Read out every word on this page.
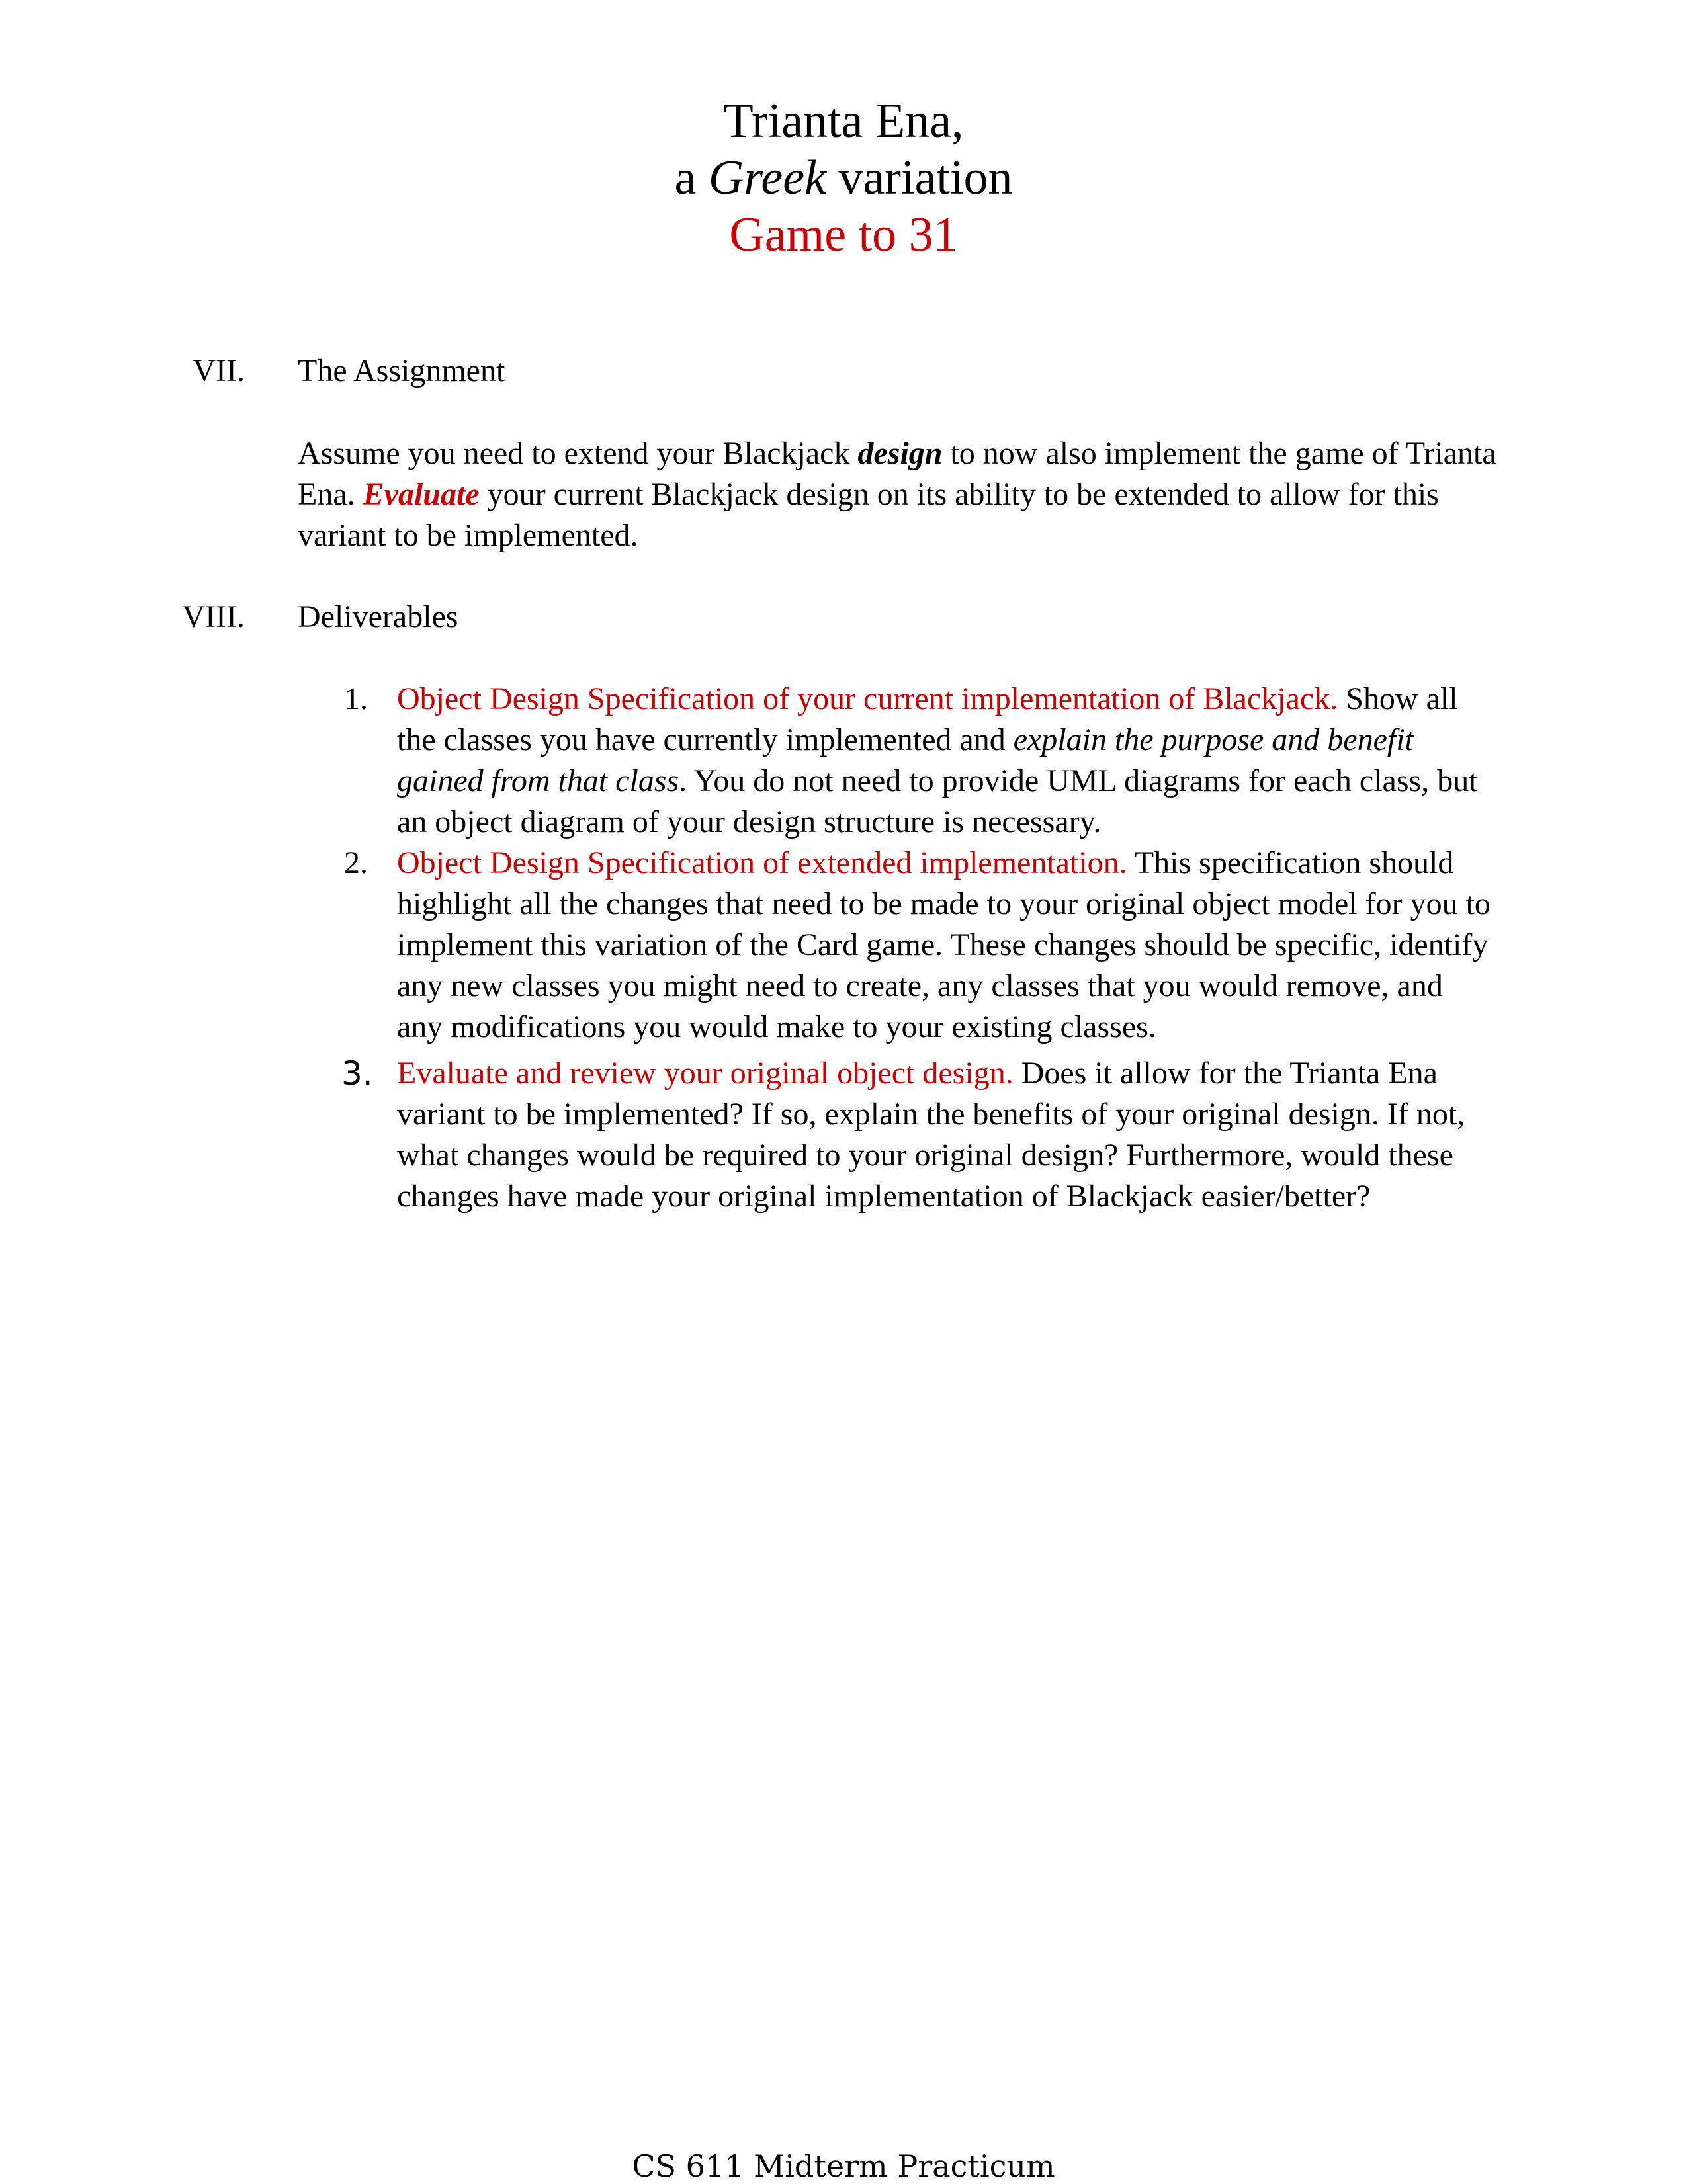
Trianta Ena,
a Greek variation
Game to 31
VII. The Assignment
Assume you need to extend your Blackjack design to now also implement the game of Trianta Ena. Evaluate your current Blackjack design on its ability to be extended to allow for this variant to be implemented.
VIII. Deliverables
1. Object Design Specification of your current implementation of Blackjack. Show all the classes you have currently implemented and explain the purpose and benefit gained from that class. You do not need to provide UML diagrams for each class, but an object diagram of your design structure is necessary.
2. Object Design Specification of extended implementation. This specification should highlight all the changes that need to be made to your original object model for you to implement this variation of the Card game. These changes should be specific, identify any new classes you might need to create, any classes that you would remove, and any modifications you would make to your existing classes.
3. Evaluate and review your original object design. Does it allow for the Trianta Ena variant to be implemented? If so, explain the benefits of your original design. If not, what changes would be required to your original design? Furthermore, would these changes have made your original implementation of Blackjack easier/better?
CS 611 Midterm Practicum
